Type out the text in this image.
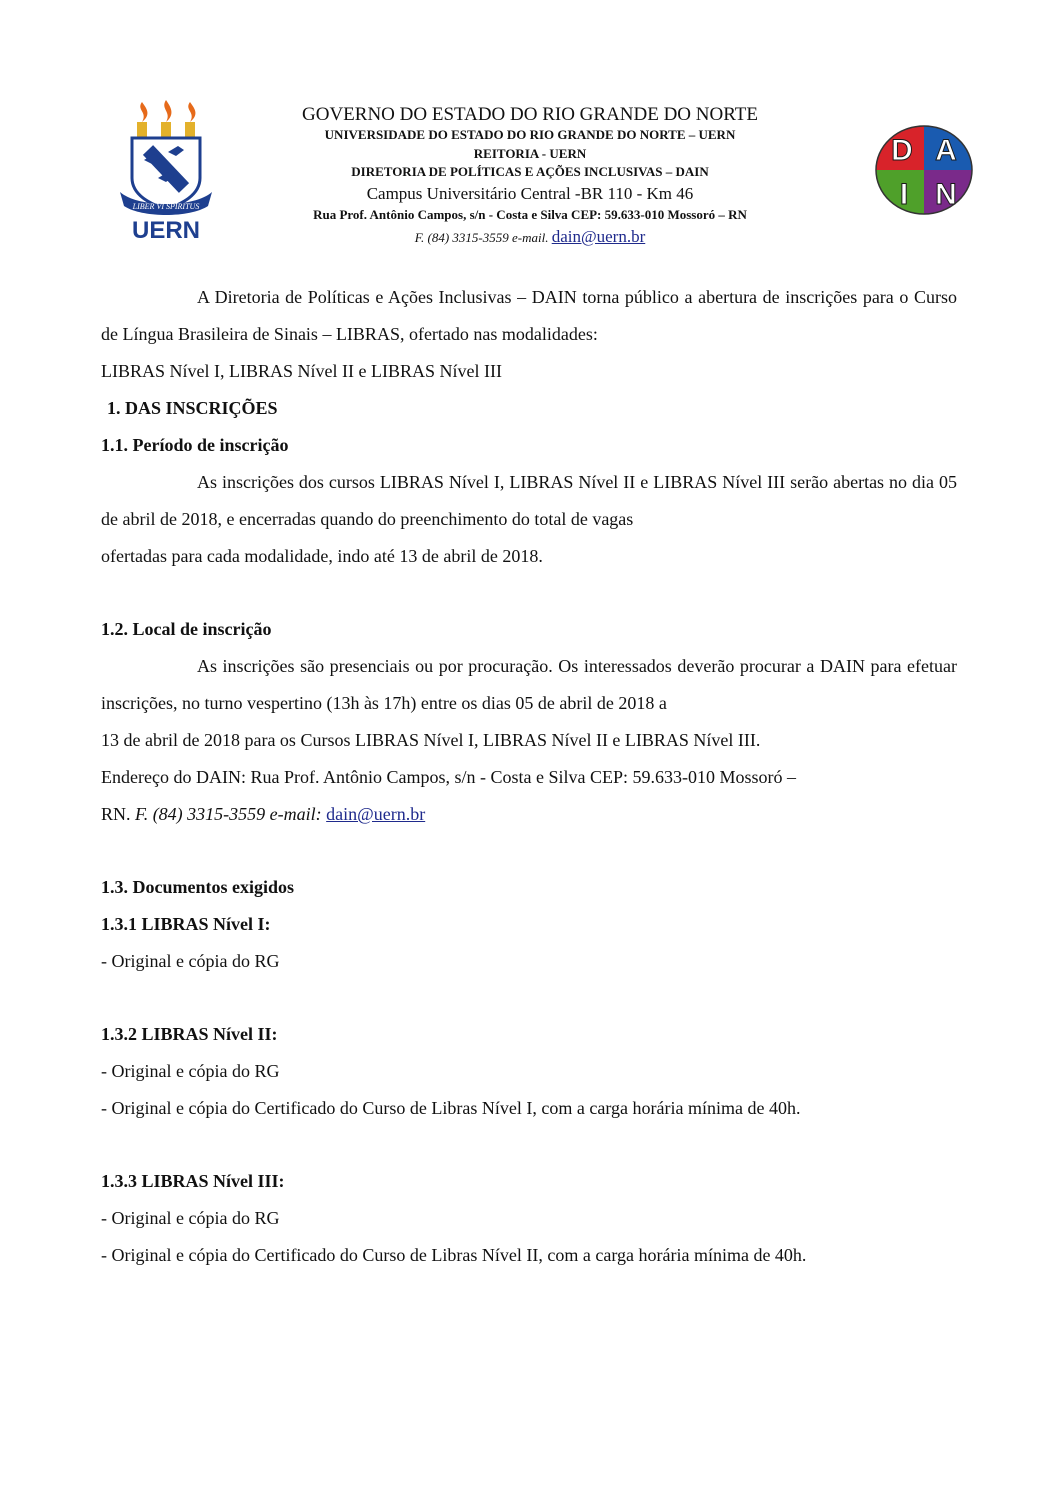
LIBER VI SPIRITUS
UERN
D A
I N
GOVERNO DO ESTADO DO RIO GRANDE DO NORTE
UNIVERSIDADE DO ESTADO DO RIO GRANDE DO NORTE – UERN
REITORIA - UERN
DIRETORIA DE POLÍTICAS E AÇÕES INCLUSIVAS – DAIN
Campus Universitário Central -BR 110 - Km 46
Rua Prof. Antônio Campos, s/n - Costa e Silva CEP: 59.633-010 Mossoró – RN
F. (84) 3315-3559 e-mail. dain@uern.br
A Diretoria de Políticas e Ações Inclusivas – DAIN torna público a abertura de inscrições para o Curso de Língua Brasileira de Sinais – LIBRAS, ofertado nas modalidades:
LIBRAS Nível I, LIBRAS Nível II e LIBRAS Nível III
1. DAS INSCRIÇÕES
1.1. Período de inscrição
As inscrições dos cursos LIBRAS Nível I, LIBRAS Nível II e LIBRAS Nível III serão abertas no dia 05 de abril de 2018, e encerradas quando do preenchimento do total de vagas
ofertadas para cada modalidade, indo até 13 de abril de 2018.
1.2. Local de inscrição
As inscrições são presenciais ou por procuração. Os interessados deverão procurar a DAIN para efetuar inscrições, no turno vespertino (13h às 17h) entre os dias 05 de abril de 2018 a
13 de abril de 2018 para os Cursos LIBRAS Nível I, LIBRAS Nível II e LIBRAS Nível III.
Endereço do DAIN: Rua Prof. Antônio Campos, s/n - Costa e Silva CEP: 59.633-010 Mossoró –
RN. F. (84) 3315-3559 e-mail: dain@uern.br
1.3. Documentos exigidos
1.3.1 LIBRAS Nível I:
- Original e cópia do RG
1.3.2 LIBRAS Nível II:
- Original e cópia do RG
- Original e cópia do Certificado do Curso de Libras Nível I, com a carga horária mínima de 40h.
1.3.3 LIBRAS Nível III:
- Original e cópia do RG
- Original e cópia do Certificado do Curso de Libras Nível II, com a carga horária mínima de 40h.
